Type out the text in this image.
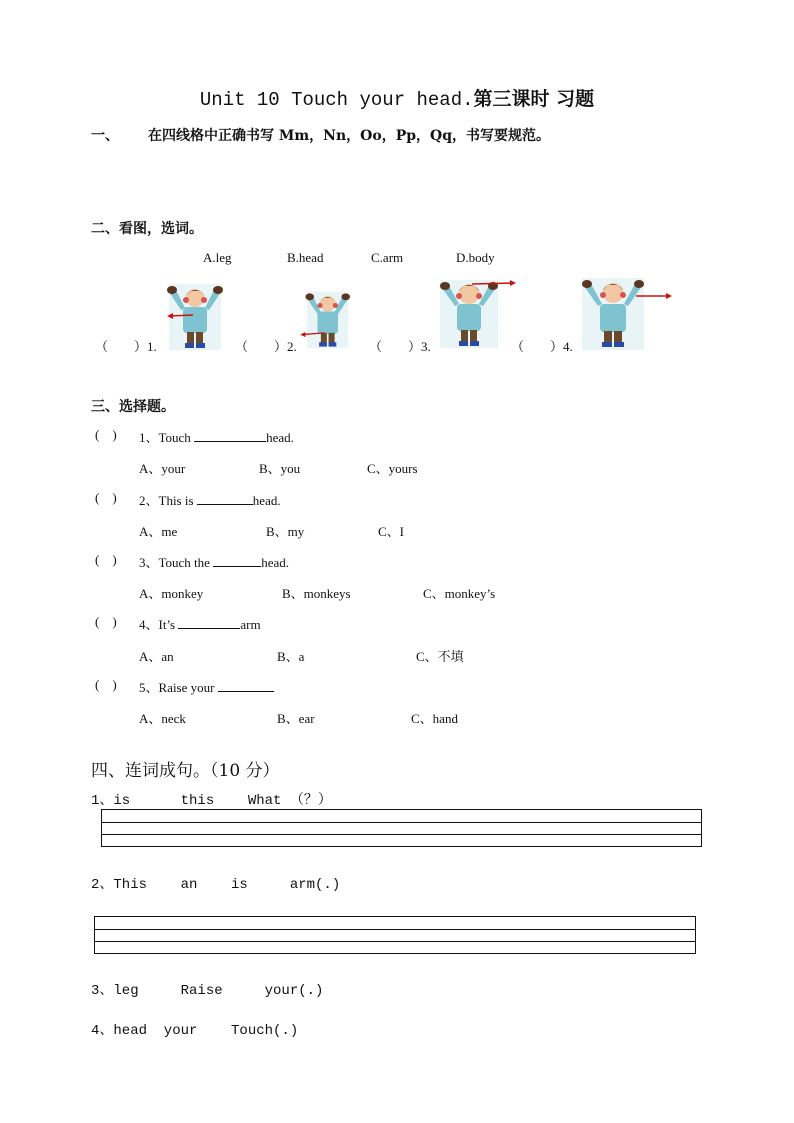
Unit 10 Touch your head.第三课时 习题
一、 在四线格中正确书写 Mm，Nn，Oo，Pp，Qq，书写要规范。
二、看图，选词。
A.leg	B.head	C.arm	D.body
（        ）1.	（        ）2.	（        ）3.	（        ）4.
三、选择题。
(    ) 1、Touch	head.
A、your	B、you	C、yours
(    ) 2、This is	head.
A、me	B、my	C、I
(    ) 3、Touch the	head.
A、monkey	B、monkeys	C、monkey’s
(    ) 4、It’s	arm
A、an	B、a	C、不填
(    ) 5、Raise your
A、neck	B、ear	C、hand
四、连词成句。（10 分）
1、is      this    What （？）
2、This    an    is     arm(.)
3、leg     Raise     your(.)
4、head  your    Touch(.)
